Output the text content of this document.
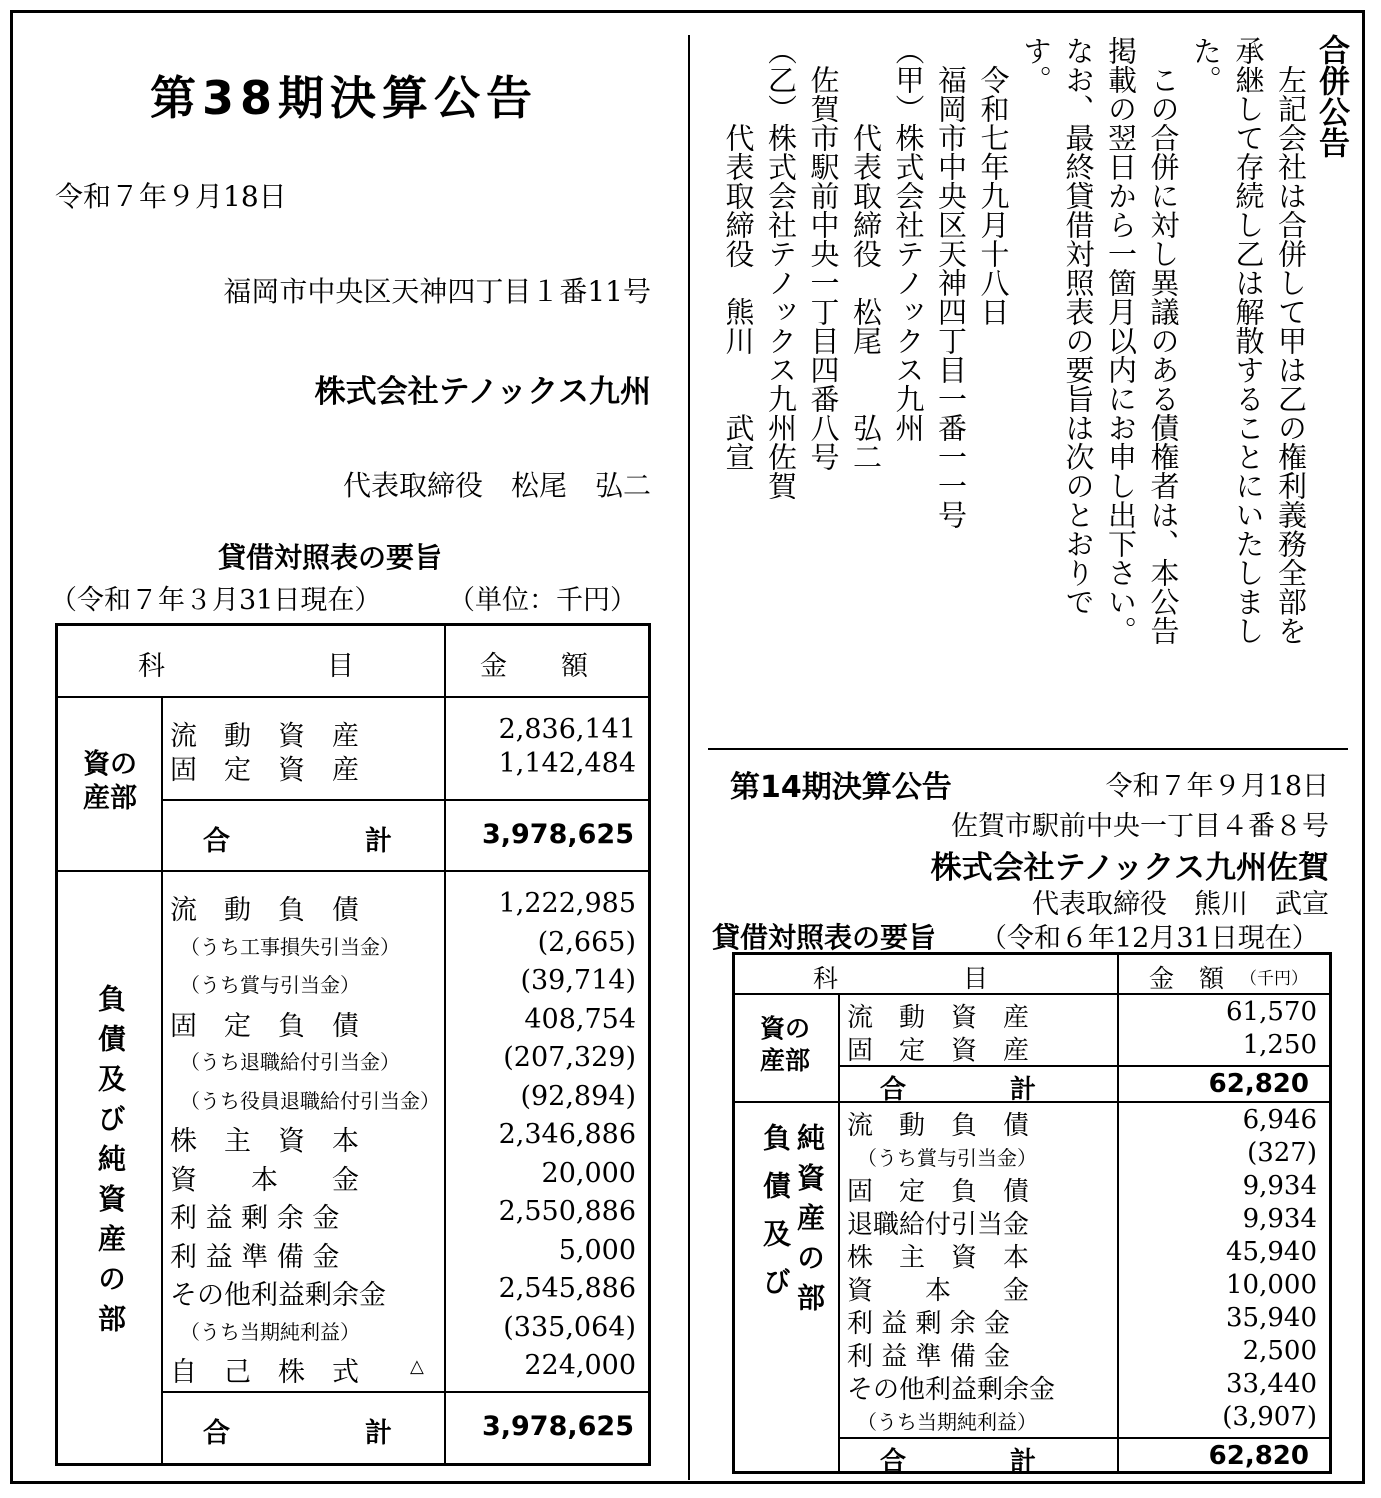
第38期決算公告
令和７年９月18日
福岡市中央区天神四丁目１番11号
株式会社テノックス九州
代表取締役　松尾　弘二
貸借対照表の要旨
（令和７年３月31日現在） （単位：千円）
科　　　　　　目	金　　額
資の産部
流　動　資　産	2,836,141
固　定　資　産	1,142,484
合　　　　　計	3,978,625
負債及び純資産の部
流　動　負　債	1,222,985
（うち工事損失引当金）	(2,665)
（うち賞与引当金）	(39,714)
固　定　負　債	408,754
（うち退職給付引当金）	(207,329)
（うち役員退職給付引当金）	(92,894)
株　主　資　本	2,346,886
資　　本　　金	20,000
利 益 剰 余 金	2,550,886
利 益 準 備 金	5,000
その他利益剰余金	2,545,886
（うち当期純利益）	(335,064)
自　己　株　式	△	224,000
合　　　　　計	3,978,625
合併公告
　左記会社は合併して甲は乙の権利義務全部を
承継して存続し乙は解散することにいたしまし
た。
　この合併に対し異議のある債権者は、本公告
掲載の翌日から一箇月以内にお申し出下さい。
なお、最終貸借対照表の要旨は次のとおりで
す。
　令和七年九月十八日
　福岡市中央区天神四丁目一番一一号
（甲）株式会社テノックス九州
　　　代表取締役　松尾　　弘二
　佐賀市駅前中央一丁目四番八号
（乙）株式会社テノックス九州佐賀
　　　代表取締役　熊川　　武宣
第14期決算公告	令和７年９月18日
佐賀市駅前中央一丁目４番８号
株式会社テノックス九州佐賀
代表取締役　熊川　武宣
貸借対照表の要旨 （令和６年12月31日現在）
科　　　　　目	金　額 （千円）
資の産部
流　動　資　産	61,570
固　定　資　産	1,250
合　　　　計	62,820
負債及び 純資産の部 流　動　負　債	6,946
（うち賞与引当金）	(327)
固　定　負　債	9,934
退職給付引当金	9,934
株　主　資　本	45,940
資　　本　　金	10,000
利 益 剰 余 金	35,940
利 益 準 備 金	2,500
その他利益剰余金	33,440
（うち当期純利益）	(3,907)
合　　　　計	62,820
